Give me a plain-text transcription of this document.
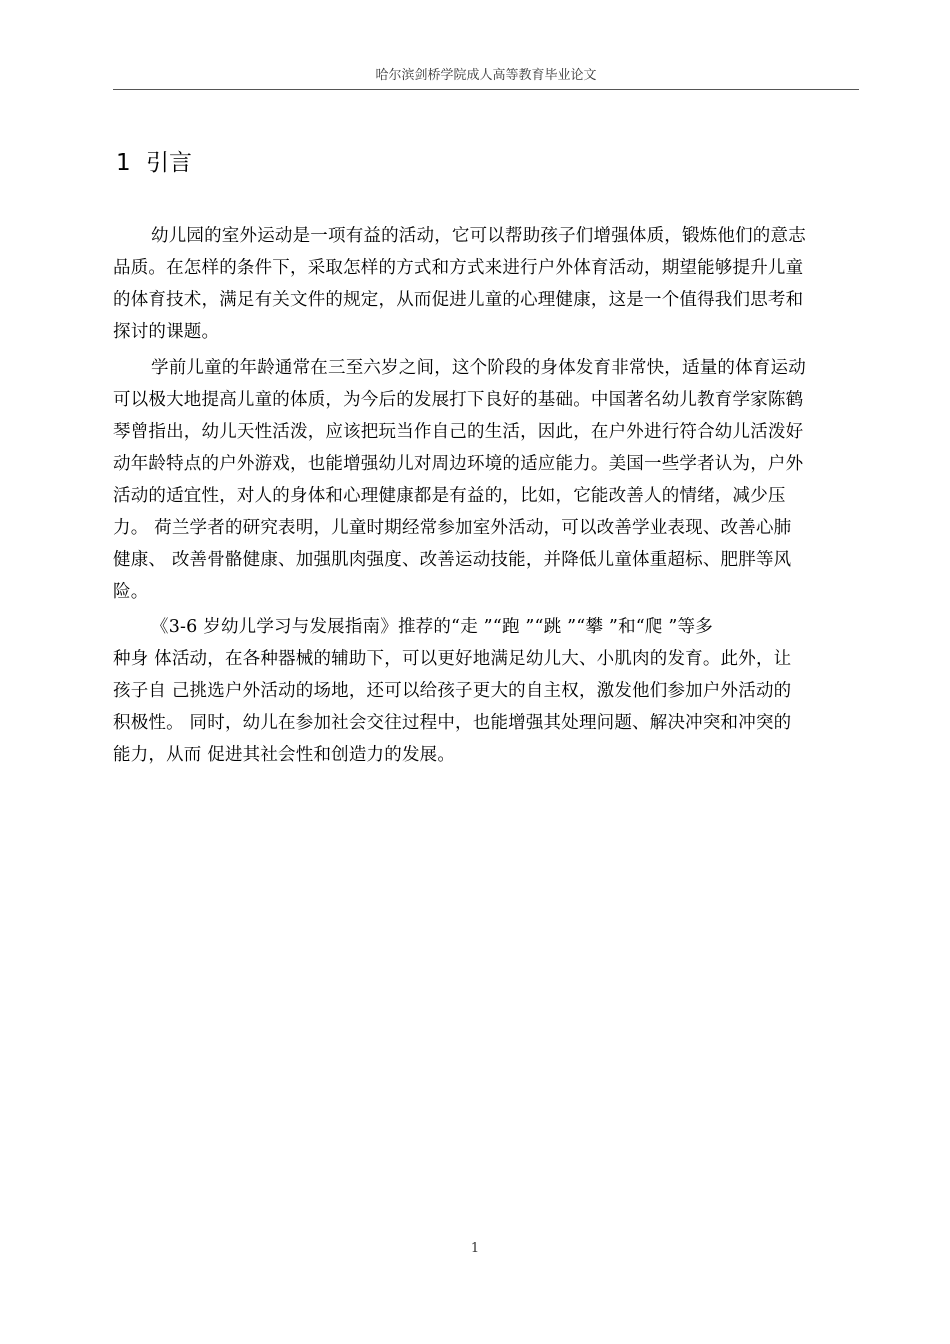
哈尔滨剑桥学院成人高等教育毕业论文
1 引言
幼儿园的室外运动是一项有益的活动，它可以帮助孩子们增强体质，锻炼他们的意志
品质。在怎样的条件下，采取怎样的方式和方式来进行户外体育活动，期望能够提升儿童
的体育技术，满足有关文件的规定，从而促进儿童的心理健康，这是一个值得我们思考和
探讨的课题。
学前儿童的年龄通常在三至六岁之间，这个阶段的身体发育非常快，适量的体育运动
可以极大地提高儿童的体质，为今后的发展打下良好的基础。中国著名幼儿教育学家陈鹤
琴曾指出，幼儿天性活泼，应该把玩当作自己的生活，因此，在户外进行符合幼儿活泼好
动年龄特点的户外游戏，也能增强幼儿对周边环境的适应能力。美国一些学者认为，户外
活动的适宜性，对人的身体和心理健康都是有益的，比如，它能改善人的情绪，减少压
力。 荷兰学者的研究表明，儿童时期经常参加室外活动，可以改善学业表现、改善心肺
健康、 改善骨骼健康、加强肌肉强度、改善运动技能，并降低儿童体重超标、肥胖等风
险。
《3-6 岁幼儿学习与发展指南》推荐的“走 ”“跑 ”“跳 ”“攀 ”和“爬 ”等多
种身 体活动，在各种器械的辅助下，可以更好地满足幼儿大、小肌肉的发育。此外，让
孩子自 己挑选户外活动的场地，还可以给孩子更大的自主权，激发他们参加户外活动的
积极性。 同时，幼儿在参加社会交往过程中，也能增强其处理问题、解决冲突和冲突的
能力，从而 促进其社会性和创造力的发展。
1
